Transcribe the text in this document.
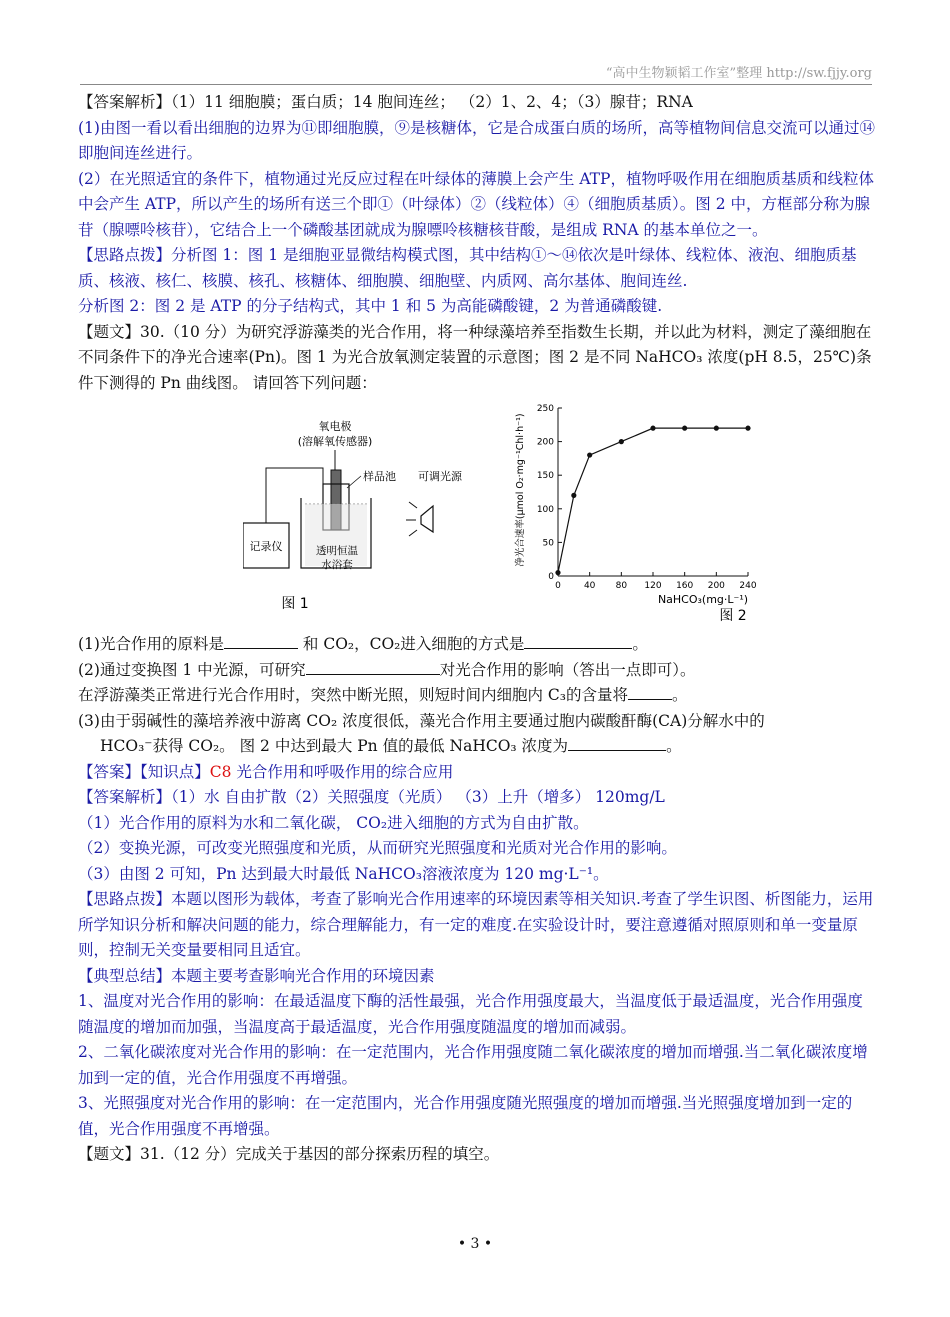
“高中生物颖韬工作室”整理 http://sw.fjjy.org

【答案解析】（1）11 细胞膜；蛋白质；14 胞间连丝； （2）1、2、4；（3）腺苷；RNA

(1)由图一看以看出细胞的边界为⑪即细胞膜，⑨是核糖体，它是合成蛋白质的场所，高等植物间信息交流可以通过⑭即胞间连丝进行。

(2）在光照适宜的条件下，植物通过光反应过程在叶绿体的薄膜上会产生 ATP，植物呼吸作用在细胞质基质和线粒体中会产生 ATP，所以产生的场所有送三个即①（叶绿体）②（线粒体）④（细胞质基质）。图 2 中，方框部分称为腺苷（腺嘌呤核苷），它结合上一个磷酸基团就成为腺嘌呤核糖核苷酸，是组成 RNA 的基本单位之一。

【思路点拨】分析图 1：图 1 是细胞亚显微结构模式图，其中结构①～⑭依次是叶绿体、线粒体、液泡、细胞质基质、核液、核仁、核膜、核孔、核糖体、细胞膜、细胞壁、内质网、高尔基体、胞间连丝.

分析图 2：图 2 是 ATP 的分子结构式，其中 1 和 5 为高能磷酸键，2 为普通磷酸键.

【题文】30.（10 分）为研究浮游藻类的光合作用，将一种绿藻培养至指数生长期，并以此为材料，测定了藻细胞在不同条件下的净光合速率(Pn)。图 1 为光合放氧测定装置的示意图；图 2 是不同 NaHCO₃ 浓度(pH 8.5，25℃)条件下测得的 Pn 曲线图。 请回答下列问题：

氧电极
(溶解氧传感器)
样品池 可调光源
透明恒温
水浴套
记录仪
图 1
0	40 80 120 160 200 240
0
50
100
150
200
250
NaHCO₃(mg·L⁻¹)
净光合速率(μmol O₂·mg⁻¹Chl·h⁻¹)
图 2

(1)光合作用的原料是	和 CO₂，CO₂进入细胞的方式是	。

(2)通过变换图 1 中光源，可研究	对光合作用的影响（答出一点即可）。

在浮游藻类正常进行光合作用时，突然中断光照，则短时间内细胞内 C₃的含量将	。

(3)由于弱碱性的藻培养液中游离 CO₂ 浓度很低，藻光合作用主要通过胞内碳酸酐酶(CA)分解水中的

HCO₃⁻获得 CO₂。 图 2 中达到最大 Pn 值的最低 NaHCO₃ 浓度为	。

【答案】【知识点】C8 光合作用和呼吸作用的综合应用

【答案解析】（1）水 自由扩散（2）关照强度（光质） （3）上升（增多） 120mg/L

（1）光合作用的原料为水和二氧化碳， CO₂进入细胞的方式为自由扩散。

（2）变换光源，可改变光照强度和光质，从而研究光照强度和光质对光合作用的影响。

（3）由图 2 可知，Pn 达到最大时最低 NaHCO₃溶液浓度为 120 mg·L⁻¹。

【思路点拨】本题以图形为载体，考查了影响光合作用速率的环境因素等相关知识.考查了学生识图、析图能力，运用所学知识分析和解决问题的能力，综合理解能力，有一定的难度.在实验设计时，要注意遵循对照原则和单一变量原则，控制无关变量要相同且适宜。

【典型总结】本题主要考查影响光合作用的环境因素

1、温度对光合作用的影响：在最适温度下酶的活性最强，光合作用强度最大，当温度低于最适温度，光合作用强度随温度的增加而加强，当温度高于最适温度，光合作用强度随温度的增加而减弱。

2、二氧化碳浓度对光合作用的影响：在一定范围内，光合作用强度随二氧化碳浓度的增加而增强.当二氧化碳浓度增加到一定的值，光合作用强度不再增强。

3、光照强度对光合作用的影响：在一定范围内，光合作用强度随光照强度的增加而增强.当光照强度增加到一定的值，光合作用强度不再增强。

【题文】31.（12 分）完成关于基因的部分探索历程的填空。

• 3 •
